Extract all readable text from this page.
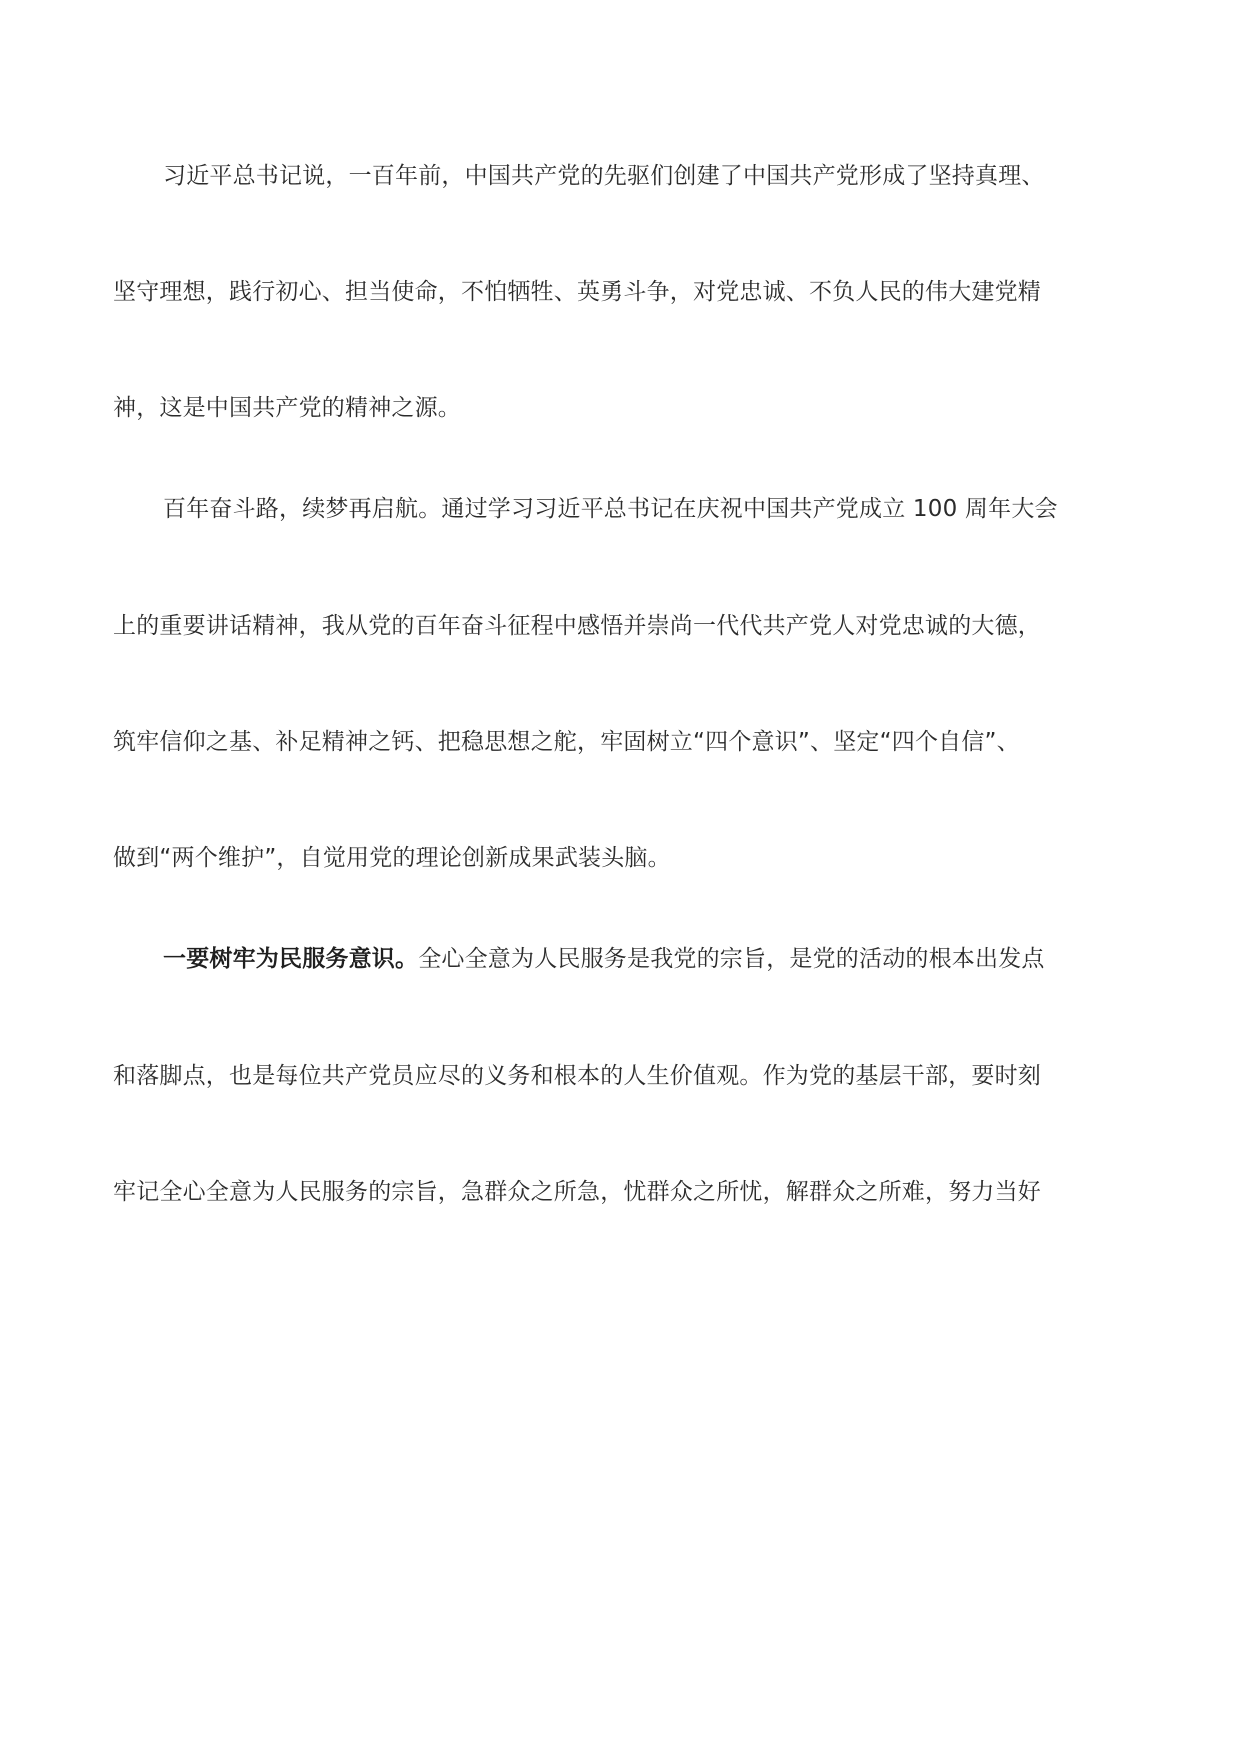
习近平总书记说，一百年前，中国共产党的先驱们创建了中国共产党形成了坚持真理、
坚守理想，践行初心、担当使命，不怕牺牲、英勇斗争，对党忠诚、不负人民的伟大建党精
神，这是中国共产党的精神之源。
百年奋斗路，续梦再启航。通过学习习近平总书记在庆祝中国共产党成立 100 周年大会
上的重要讲话精神，我从党的百年奋斗征程中感悟并崇尚一代代共产党人对党忠诚的大德，
筑牢信仰之基、补足精神之钙、把稳思想之舵，牢固树立“四个意识”、坚定“四个自信”、
做到“两个维护”，自觉用党的理论创新成果武装头脑。
一要树牢为民服务意识。全心全意为人民服务是我党的宗旨，是党的活动的根本出发点
和落脚点，也是每位共产党员应尽的义务和根本的人生价值观。作为党的基层干部，要时刻
牢记全心全意为人民服务的宗旨，急群众之所急，忧群众之所忧，解群众之所难，努力当好
